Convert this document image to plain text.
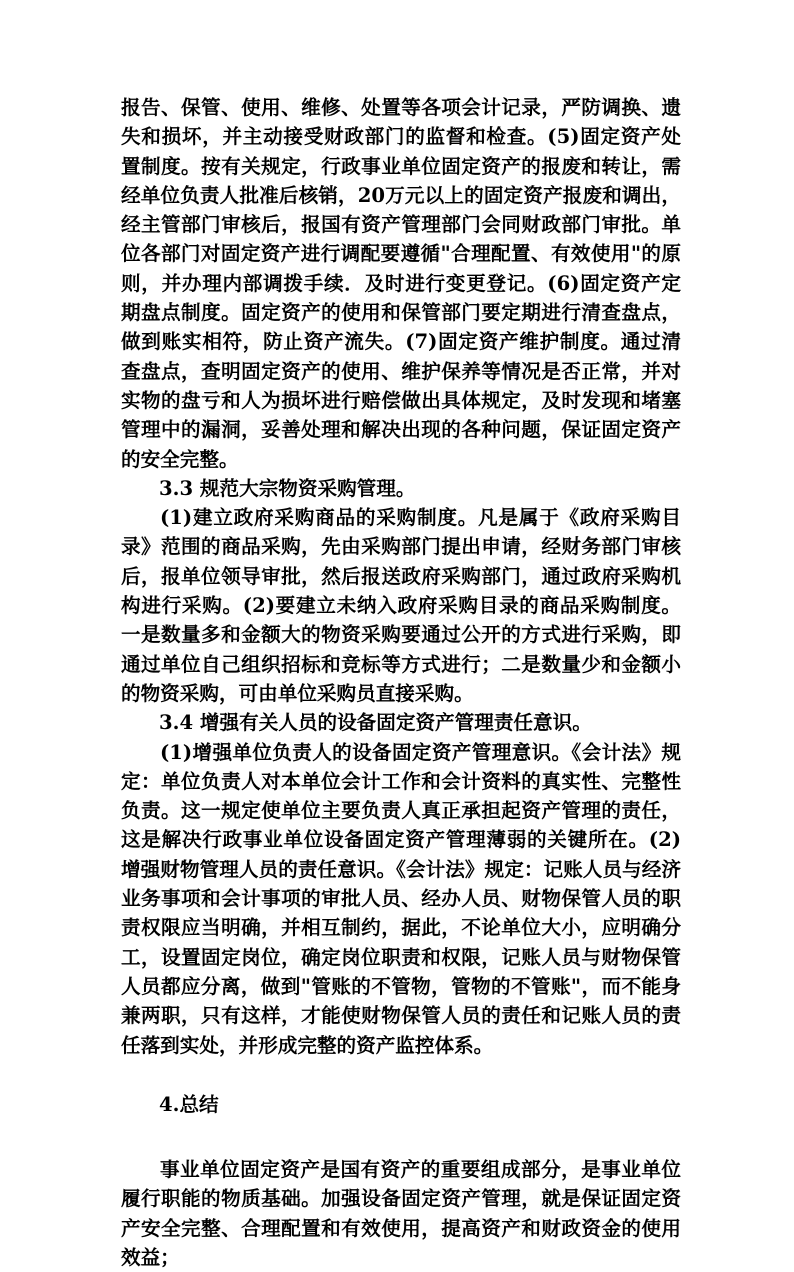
报告、保管、使用、维修、处置等各项会计记录，严防调换、遗失和损坏，并主动接受财政部门的监督和检查。(5)固定资产处置制度。按有关规定，行政事业单位固定资产的报废和转让，需经单位负责人批准后核销，20万元以上的固定资产报废和调出，经主管部门审核后，报国有资产管理部门会同财政部门审批。单位各部门对固定资产进行调配要遵循"合理配置、有效使用"的原则，并办理内部调拨手续．及时进行变更登记。(6)固定资产定期盘点制度。固定资产的使用和保管部门要定期进行清查盘点，做到账实相符，防止资产流失。(7)固定资产维护制度。通过清查盘点，查明固定资产的使用、维护保养等情况是否正常，并对实物的盘亏和人为损坏进行赔偿做出具体规定，及时发现和堵塞管理中的漏洞，妥善处理和解决出现的各种问题，保证固定资产的安全完整。

3.3 规范大宗物资采购管理。

(1)建立政府采购商品的采购制度。凡是属于《政府采购目录》范围的商品采购，先由采购部门提出申请，经财务部门审核后，报单位领导审批，然后报送政府采购部门，通过政府采购机构进行采购。(2)要建立未纳入政府采购目录的商品采购制度。一是数量多和金额大的物资采购要通过公开的方式进行采购，即通过单位自己组织招标和竞标等方式进行；二是数量少和金额小的物资采购，可由单位采购员直接采购。

3.4 增强有关人员的设备固定资产管理责任意识。

(1)增强单位负责人的设备固定资产管理意识。《会计法》规定：单位负责人对本单位会计工作和会计资料的真实性、完整性负责。这一规定使单位主要负责人真正承担起资产管理的责任，这是解决行政事业单位设备固定资产管理薄弱的关键所在。(2)增强财物管理人员的责任意识。《会计法》规定：记账人员与经济业务事项和会计事项的审批人员、经办人员、财物保管人员的职责权限应当明确，并相互制约，据此，不论单位大小，应明确分工，设置固定岗位，确定岗位职责和权限，记账人员与财物保管人员都应分离，做到"管账的不管物，管物的不管账"，而不能身兼两职，只有这样，才能使财物保管人员的责任和记账人员的责任落到实处，并形成完整的资产监控体系。

4.总结

事业单位固定资产是国有资产的重要组成部分，是事业单位履行职能的物质基础。加强设备固定资产管理，就是保证固定资产安全完整、合理配置和有效使用，提高资产和财政资金的使用效益；
